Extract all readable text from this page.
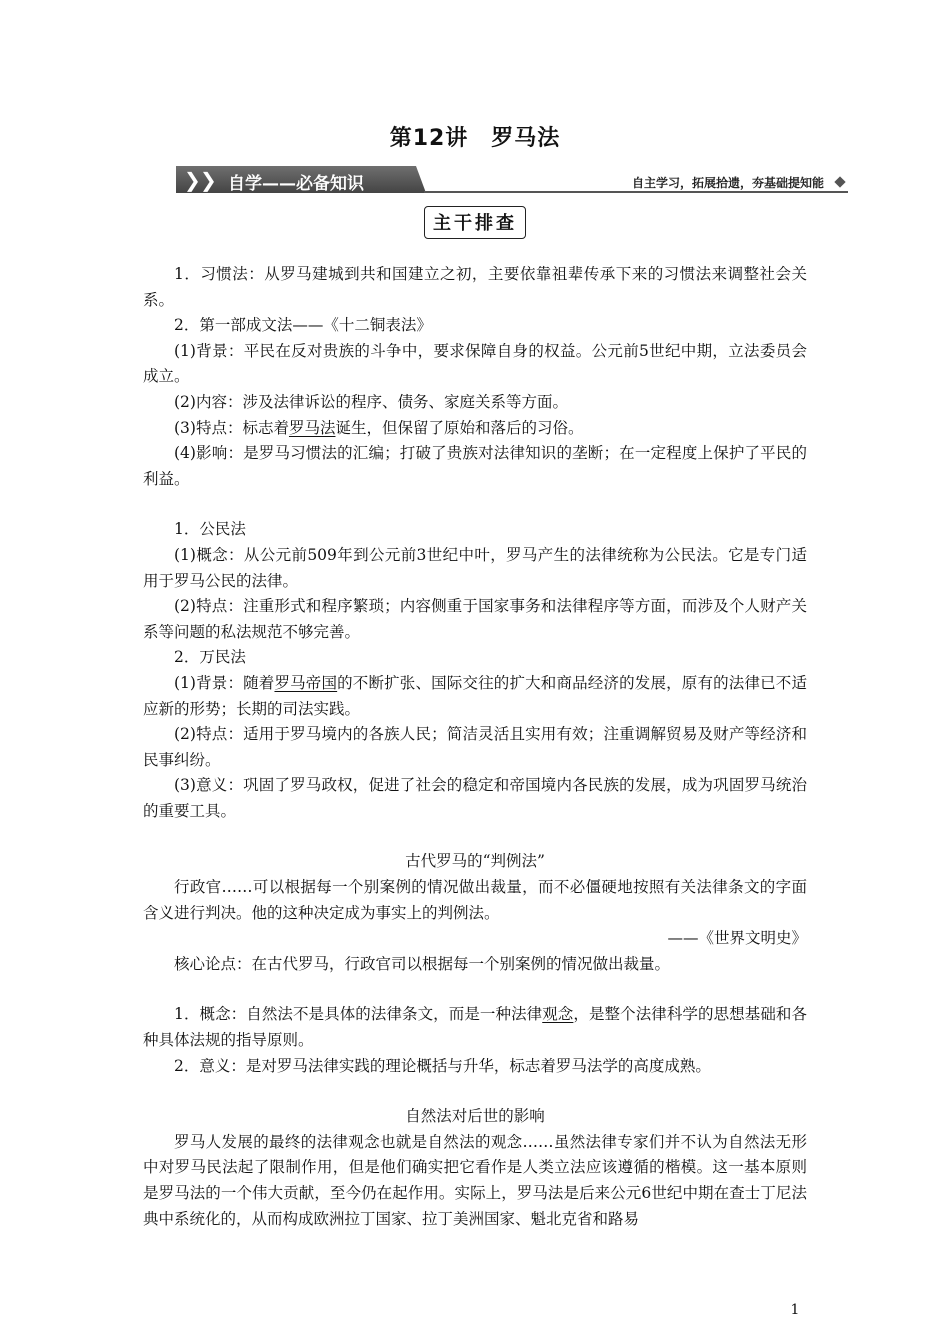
第12讲　罗马法
❯ ❯ 自学——必备知识	自主学习，拓展拾遗，夯基础提知能
主干排查

1．习惯法：从罗马建城到共和国建立之初，主要依靠祖辈传承下来的习惯法来调整社会关系。

2．第一部成文法——《十二铜表法》

(1)背景：平民在反对贵族的斗争中，要求保障自身的权益。公元前5世纪中期，立法委员会成立。

(2)内容：涉及法律诉讼的程序、债务、家庭关系等方面。

(3)特点：标志着罗马法诞生，但保留了原始和落后的习俗。

(4)影响：是罗马习惯法的汇编；打破了贵族对法律知识的垄断；在一定程度上保护了平民的利益。

1．公民法

(1)概念：从公元前509年到公元前3世纪中叶，罗马产生的法律统称为公民法。它是专门适用于罗马公民的法律。

(2)特点：注重形式和程序繁琐；内容侧重于国家事务和法律程序等方面，而涉及个人财产关系等问题的私法规范不够完善。

2．万民法

(1)背景：随着罗马帝国的不断扩张、国际交往的扩大和商品经济的发展，原有的法律已不适应新的形势；长期的司法实践。

(2)特点：适用于罗马境内的各族人民；简洁灵活且实用有效；注重调解贸易及财产等经济和民事纠纷。

(3)意义：巩固了罗马政权，促进了社会的稳定和帝国境内各民族的发展，成为巩固罗马统治的重要工具。

古代罗马的“判例法”

行政官……可以根据每一个别案例的情况做出裁量，而不必僵硬地按照有关法律条文的字面含义进行判决。他的这种决定成为事实上的判例法。

——《世界文明史》

核心论点：在古代罗马，行政官司以根据每一个别案例的情况做出裁量。

1．概念：自然法不是具体的法律条文，而是一种法律观念，是整个法律科学的思想基础和各种具体法规的指导原则。

2．意义：是对罗马法律实践的理论概括与升华，标志着罗马法学的高度成熟。

自然法对后世的影响

罗马人发展的最终的法律观念也就是自然法的观念……虽然法律专家们并不认为自然法无形中对罗马民法起了限制作用，但是他们确实把它看作是人类立法应该遵循的楷模。这一基本原则是罗马法的一个伟大贡献，至今仍在起作用。实际上，罗马法是后来公元6世纪中期在查士丁尼法典中系统化的，从而构成欧洲拉丁国家、拉丁美洲国家、魁北克省和路易

1
